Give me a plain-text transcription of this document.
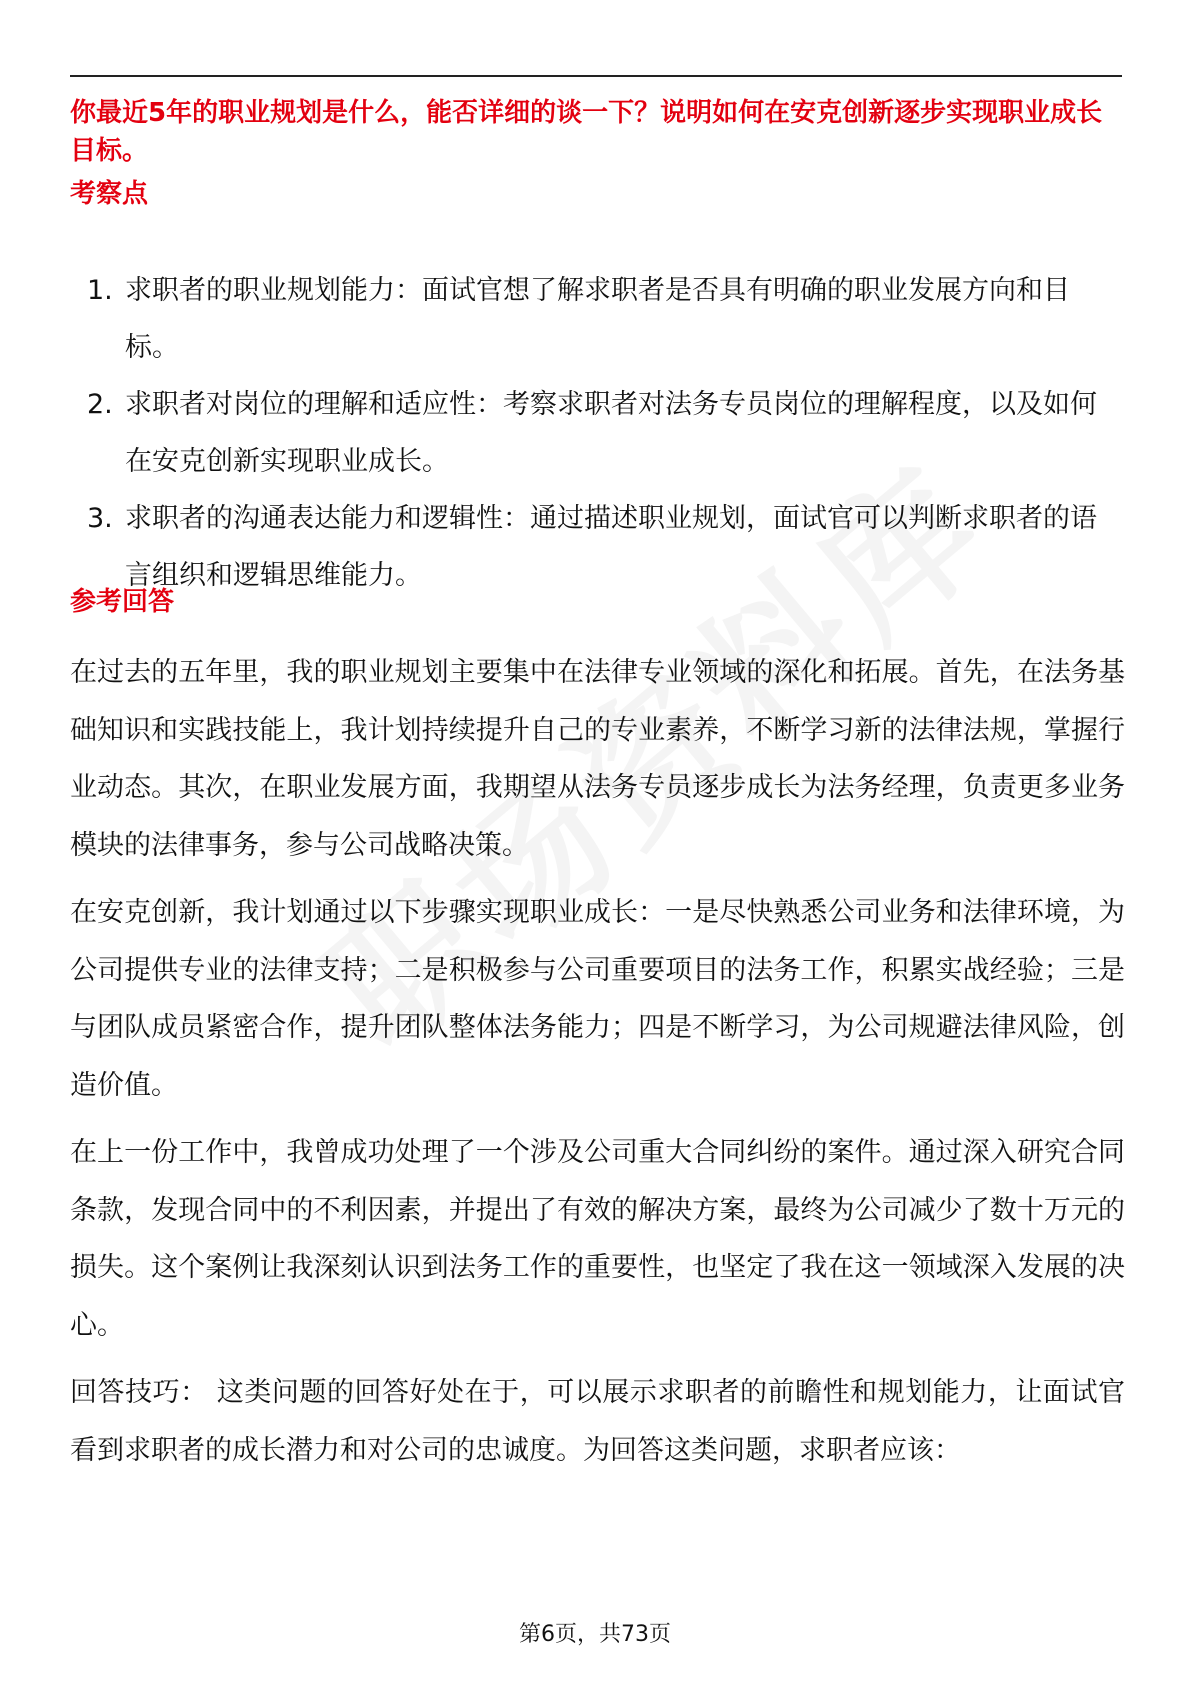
你最近5年的职业规划是什么，能否详细的谈一下？说明如何在安克创新逐步实现职业成长目标。

考察点
1. 求职者的职业规划能力：面试官想了解求职者是否具有明确的职业发展方向和目标。
2. 求职者对岗位的理解和适应性：考察求职者对法务专员岗位的理解程度，以及如何在安克创新实现职业成长。
3. 求职者的沟通表达能力和逻辑性：通过描述职业规划，面试官可以判断求职者的语言组织和逻辑思维能力。
参考回答

在过去的五年里，我的职业规划主要集中在法律专业领域的深化和拓展。首先，在法务基础知识和实践技能上，我计划持续提升自己的专业素养，不断学习新的法律法规，掌握行业动态。其次，在职业发展方面，我期望从法务专员逐步成长为法务经理，负责更多业务模块的法律事务，参与公司战略决策。

在安克创新，我计划通过以下步骤实现职业成长：一是尽快熟悉公司业务和法律环境，为公司提供专业的法律支持；二是积极参与公司重要项目的法务工作，积累实战经验；三是与团队成员紧密合作，提升团队整体法务能力；四是不断学习，为公司规避法律风险，创造价值。

在上一份工作中，我曾成功处理了一个涉及公司重大合同纠纷的案件。通过深入研究合同条款，发现合同中的不利因素，并提出了有效的解决方案，最终为公司减少了数十万元的损失。这个案例让我深刻认识到法务工作的重要性，也坚定了我在这一领域深入发展的决心。

回答技巧： 这类问题的回答好处在于，可以展示求职者的前瞻性和规划能力，让面试官看到求职者的成长潜力和对公司的忠诚度。为回答这类问题，求职者应该：

第6页，共73页
